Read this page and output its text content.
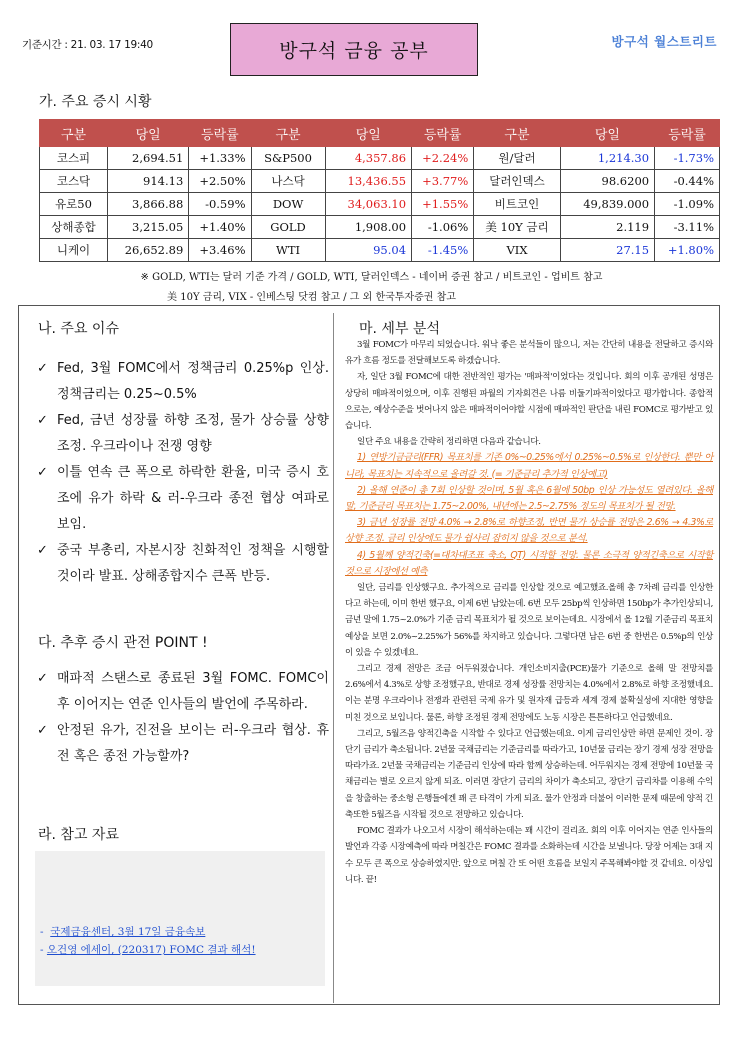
기준시간 : 21. 03. 17 19:40	방구석 금융 공부	방구석 월스트리트
가. 주요 증시 시황
구분	당일	등락률	구분	당일	등락률	구분	당일	등락률
코스피	2,694.51	+1.33%	S&P500	4,357.86	+2.24%	원/달러	1,214.30	-1.73%
코스닥	914.13	+2.50%	나스닥	13,436.55	+3.77%	달러인덱스	98.6200	-0.44%
유로50	3,866.88	-0.59%	DOW	34,063.10	+1.55%	비트코인	49,839.000	-1.09%
상해종합	3,215.05	+1.40%	GOLD	1,908.00	-1.06%	美 10Y 금리	2.119	-3.11%
니케이	26,652.89	+3.46%	WTI	95.04	-1.45%	VIX	27.15	+1.80%
※ GOLD, WTI는 달러 기준 가격 / GOLD, WTI, 달러인덱스 - 네이버 증권 참고 / 비트코인 - 업비트 참고
美 10Y 금리, VIX - 인베스팅 닷컴 참고 / 그 외 한국투자증권 참고
나. 주요 이슈
✓ Fed, 3월 FOMC에서 정책금리 0.25%p 인상. 정책금리는 0.25~0.5%
✓ Fed, 금년 성장률 하향 조정, 물가 상승률 상향 조정. 우크라이나 전쟁 영향
✓ 이틀 연속 큰 폭으로 하락한 환율, 미국 증시 호조에 유가 하락 & 러-우크라 종전 협상 여파로 보임.
✓ 중국 부총리, 자본시장 친화적인 정책을 시행할 것이라 발표. 상해종합지수 큰폭 반등.
다. 추후 증시 관전 POINT !
✓ 매파적 스탠스로 종료된 3월 FOMC. FOMC이후 이어지는 연준 인사들의 발언에 주목하라.
✓ 안정된 유가, 진전을 보이는 러-우크라 협상. 휴전 혹은 종전 가능할까?
라. 참고 자료
- 국제금융센터, 3월 17일 금융속보
- 오건영 에세이, (220317) FOMC 결과 해석!
마. 세부 분석

3월 FOMC가 마무리 되었습니다. 워낙 좋은 분석들이 많으니, 저는 간단히 내용을 전달하고 증시와 유가 흐름 정도를 전달해보도록 하겠습니다.

자, 일단 3월 FOMC에 대한 전반적인 평가는 '매파적'이었다는 것입니다. 회의 이후 공개된 성명은 상당히 매파적이었으며, 이후 진행된 파월의 기자회견은 나름 비둘기파적이었다고 평가합니다. 종합적으로는, 예상수준을 벗어나지 않은 매파적이어야할 시점에 매파적인 판단을 내린 FOMC로 평가받고 있습니다.

일단 주요 내용을 간략히 정리하면 다음과 같습니다.

1) 연방기금금리(FFR) 목표치를 기존 0%~0.25%에서 0.25%~0.5%로 인상한다. 뿐만 아니라, 목표치는 지속적으로 올려갈 것. (= 기준금리 추가적 인상예고)

2) 올해 연준이 총 7회 인상할 것이며, 5월 혹은 6월에 50bp 인상 가능성도 열려있다. 올해 말, 기준금리 목표치는 1.75~2.00%, 내년에는 2.5~2.75% 정도의 목표치가 될 전망.

3) 금년 성장률 전망 4.0% → 2.8%로 하향조정, 반면 물가 상승률 전망은 2.6% → 4.3%로 상향 조정. 금리 인상에도 물가 쉽사리 잡히지 않을 것으로 분석.

4) 5월께 양적긴축(=대차대조표 축소, QT) 시작할 전망. 물론 소극적 양적긴축으로 시작할 것으로 시장에선 예측

일단, 금리를 인상했구요. 추가적으로 금리를 인상할 것으로 예고했죠.올해 총 7차례 금리를 인상한다고 하는데, 이미 한번 했구요, 이제 6번 남았는데. 6번 모두 25bp씩 인상하면 150bp가 추가인상되니, 금년 말에 1.75~2.0%가 기준 금리 목표치가 될 것으로 보이는데요. 시장에서 올 12월 기준금리 목표치 예상을 보면 2.0%~2.25%가 56%를 차지하고 있습니다. 그렇다면 남은 6번 중 한번은 0.5%p의 인상이 있을 수 있겠네요.

그리고 경제 전망은 조금 어두워졌습니다. 개인소비지출(PCE)물가 기준으로 올해 말 전망치를 2.6%에서 4.3%로 상향 조정했구요, 반대로 경제 성장률 전망치는 4.0%에서 2.8%로 하향 조정했네요. 이는 분명 우크라이나 전쟁과 관련된 국제 유가 및 원자재 급등과 세계 경제 불확실성에 지대한 영향을 미친 것으로 보입니다. 물론, 하향 조정된 경제 전망에도 노동 시장은 튼튼하다고 언급했네요.

그리고, 5월즈음 양적긴축을 시작할 수 있다고 언급했는데요. 이게 금리인상만 하면 문제인 것이. 장단기 금리가 축소됩니다. 2년물 국채금리는 기준금리를 따라가고, 10년물 금리는 장기 경제 성장 전망을 따라가죠. 2년물 국채금리는 기준금리 인상에 따라 함께 상승하는데. 어두워지는 경제 전망에 10년물 국채금리는 별로 오르지 않게 되죠. 이러면 장단기 금리의 차이가 축소되고, 장단기 금리차를 이용해 수익을 창출하는 중소형 은행들에겐 꽤 큰 타격이 가게 되죠. 물가 안정과 더불어 이러한 문제 때문에 양적 긴축또한 5월즈음 시작될 것으로 전망하고 있습니다.

FOMC 결과가 나오고서 시장이 해석하는데는 꽤 시간이 걸리죠. 회의 이후 이어지는 연준 인사들의 발언과 각종 시장예측에 따라 며칠간은 FOMC 결과를 소화하는데 시간을 보낼니다. 당장 어제는 3대 지수 모두 큰 폭으로 상승하였지만. 앞으로 며칠 간 또 어떤 흐름을 보일지 주목해봐야할 것 같네요. 이상입니다. 끝!
